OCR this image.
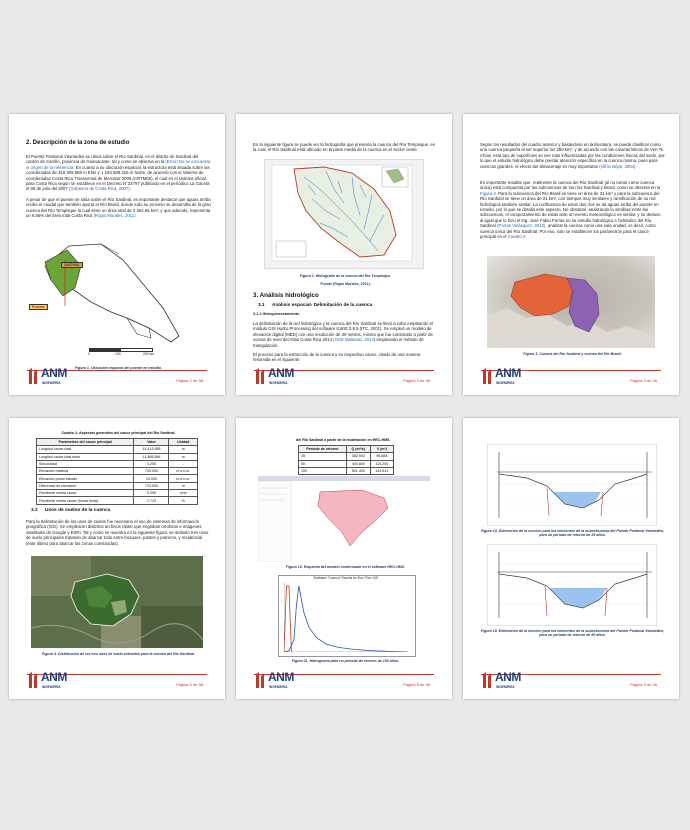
2. Descripción de la zona de estudio
El Puente Peatonal Vásmedes se ubica sobre el Río Sardinal, en el distrito de Sardinal del cantón de Carrillo, provincia de Guanacaste, tal y como se observa en la (Error! No se encuentra el origen de la referencia. En cuanto a su ubicación espacial, la estructura está situada sobre las coordenadas de 319 309.988 m Este y 1 153 588.316 m Norte, de acuerdo con el sistema de coordenadas Costa Rica Transversal de Mercator 2005 (CRTM05), el cual es el sistema oficial para Costa Rica según se establece en el Decreto N°33797 publicado en el periódico La Gaceta el 06 de julio del 2007 (Gobierno de Costa Rica, 2007).
A pesar de que el puente se sitúa sobre el Río Sardinal, es importante destacar que aguas arriba recibe el caudal que también aporta el Río Brasil, donde todo su proceso se desarrolla de la gran cuenca del Río Tempisque la cual tiene un área total de 3 354.65 km², y que además, representa un 6.56% del área total Costa Rica (Rojas Morales, 2011).
SARDINAL
Puente
0	100	200 km
Figura 1. Ubicación espacial del puente en estudio.
ANM
INGENIERÍA	Página 2 de 38
En la siguiente figura se puede ver la hidrografía que presenta la cuenca del Río Tempisque, en la cual, el Río Sardinal está ubicado en la parte media de la cuenca en el sector oeste.
Figura 2. Hidrografía de la cuenca del Río Tempisque.
Fuente (Rojas Morales, 2011).
3. Análisis hidrológico
3.1 Análisis espacial- Delimitación de la cuenca
3.1.1 Hidroprocesamiento
La delimitación de la red hidrológica y la cuenca del Río Sardinal se llevó a cabo empleando el módulo GIS Hydro Processing del software ILWIS 3.8.5 (ITC, 2001). Se empleó un modelo de elevación digital (MED) con una resolución de 30 metros, misma que fue construido a partir de curvas de nivel del Atlas Costa Rica 2014 (Ortiz Malavasi, 2014) empleando el método de triangulación.
El proceso para la extracción de la cuenca y su respectivo cauce, citado de una manera resumida es el siguiente:
ANM
INGENIERÍA	Página 3 de 38
Según los resultados del cuadro anterior y basándose en la literatura, se puede clasificar como una cuenca pequeña al ser superior los 250 km², y de acuerdo con las características de Ven Te Chow, esta tipo de superficies se ven más influenciadas por las condiciones físicas del suelo, por lo que el estudio hidrológico debe prestar atención específica en la cuenca misma, pues para cuencas grandes, el efecto del almacenaje es muy importante (Villón Béjar, 2004).
Es importante resaltar que, realmente la cuenca del Río Sardinal (al no tomar como cuenca única) está compuesta por las subcuencas de los ríos Sardinal y Brasil, como se observa en la Figura 3. Para la subcuenca del Río Brasil se tiene un área de 31 km² y para la subcuenca del Río Sardinal se tiene un área de 21 km², con tiempos muy similares y ramificación de su red hidrológica también similar. La confluencia de estos dos ríos se da aguas arriba del puente en estudio, por lo que se detalla este aspecto. No obstante, analizando la similitud entre las subcuencas, el comportamiento de estas ante un evento meteorológico es similar, y se deduce, al igual que lo hizo el Ing. José Fabio Porras en su estudio hidrológico e hidráulico del Río Sardinal (Porras Velásquez, 2012), analizar la cuenca como una sola unidad, es decir, como cuenca única del Río Sardinal. Por eso, solo se establecen los parámetros para el cauce principal en el Cuadro 2.
Figura 3. Cuenca del Río Sardinal y cuenca del Río Brasil.
ANM
INGENIERÍA	Página 4 de 38
Cuadro 2. Aspectos generales del cauce principal del Río Sardinal.
Parámetros del cauce principal	Valor	Unidad
Longitud cauce total	14,413.958	m
Longitud cauce total recto	11,489.556	m
Sinuosidad	1.255	-
Elevación máxima	733.000	m.s.n.m.
Elevación punto estudio	10.000	m.s.n.m.
Diferencia de elevación	723.000	m
Pendiente media cauce	0.050	m/m
Pendiente media cauce (forma recta)	1.723	%
3.2 Usos de suelos de la cuenca
Para la delimitación de los usos de suelos fue necesario el uso de sistemas de información geográfica (SIG). Se emplearon distintos archivos ráster que engloban ortofotos e imágenes satelitales de Google y ESRI. Tal y como se muestra en la siguiente figura, se delimitó tres usos de suelo principales tratando de abarcar todo entre bosques, pastos y potreros, y residencial (este último para abarcar las zonas construidas).
Figura 4. Distribución de los tres usos de suelo extraídos para la cuenca del Río Sardinal.
ANM
INGENIERÍA	Página 5 de 38
del Río Sardinal a partir de la modelación en HEC-HMS.
Período de retorno	Q (m³/s)	V (m³)
25	382.900	96.884
50	434.800	114.200
100	501.400	143.813
Figura 10. Esquema del modelo conformado en el software HEC-HMS.
Subbasin "Cuenca" Results for Run "Run 100"
Figura 11. Hidrograma para un período de retorno de 100 años.
ANM
INGENIERÍA	Página 8 de 38
Figura 14. Estimación de la sección para los elementos de la subestructura del Puente Peatonal Vásmedes, para un período de retorno de 25 años.
Figura 15. Estimación de la sección para los elementos de la subestructura del Puente Peatonal Vásmedes, para un período de retorno de 50 años.
ANM
INGENIERÍA	Página 9 de 38
